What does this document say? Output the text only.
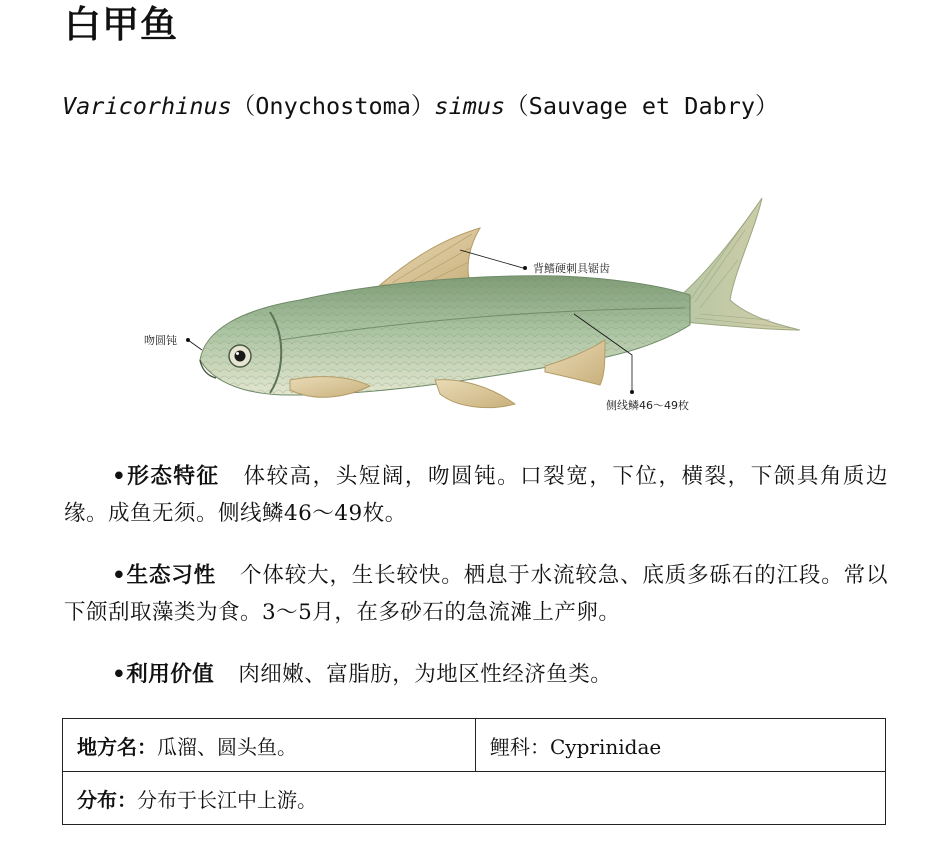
白甲鱼
Varicorhinus（Onychostoma）simus（Sauvage et Dabry）
吻圆钝
背鳍硬刺具锯齿
侧线鳞46～49枚

•形态特征 体较高，头短阔，吻圆钝。口裂宽，下位，横裂，下颌具角质边缘。成鱼无须。侧线鳞46～49枚。

•生态习性 个体较大，生长较快。栖息于水流较急、底质多砾石的江段。常以下颌刮取藻类为食。3～5月，在多砂石的急流滩上产卵。

•利用价值 肉细嫩、富脂肪，为地区性经济鱼类。

地方名：瓜溜、圆头鱼。	鲤科：Cyprinidae
分布：分布于长江中上游。
